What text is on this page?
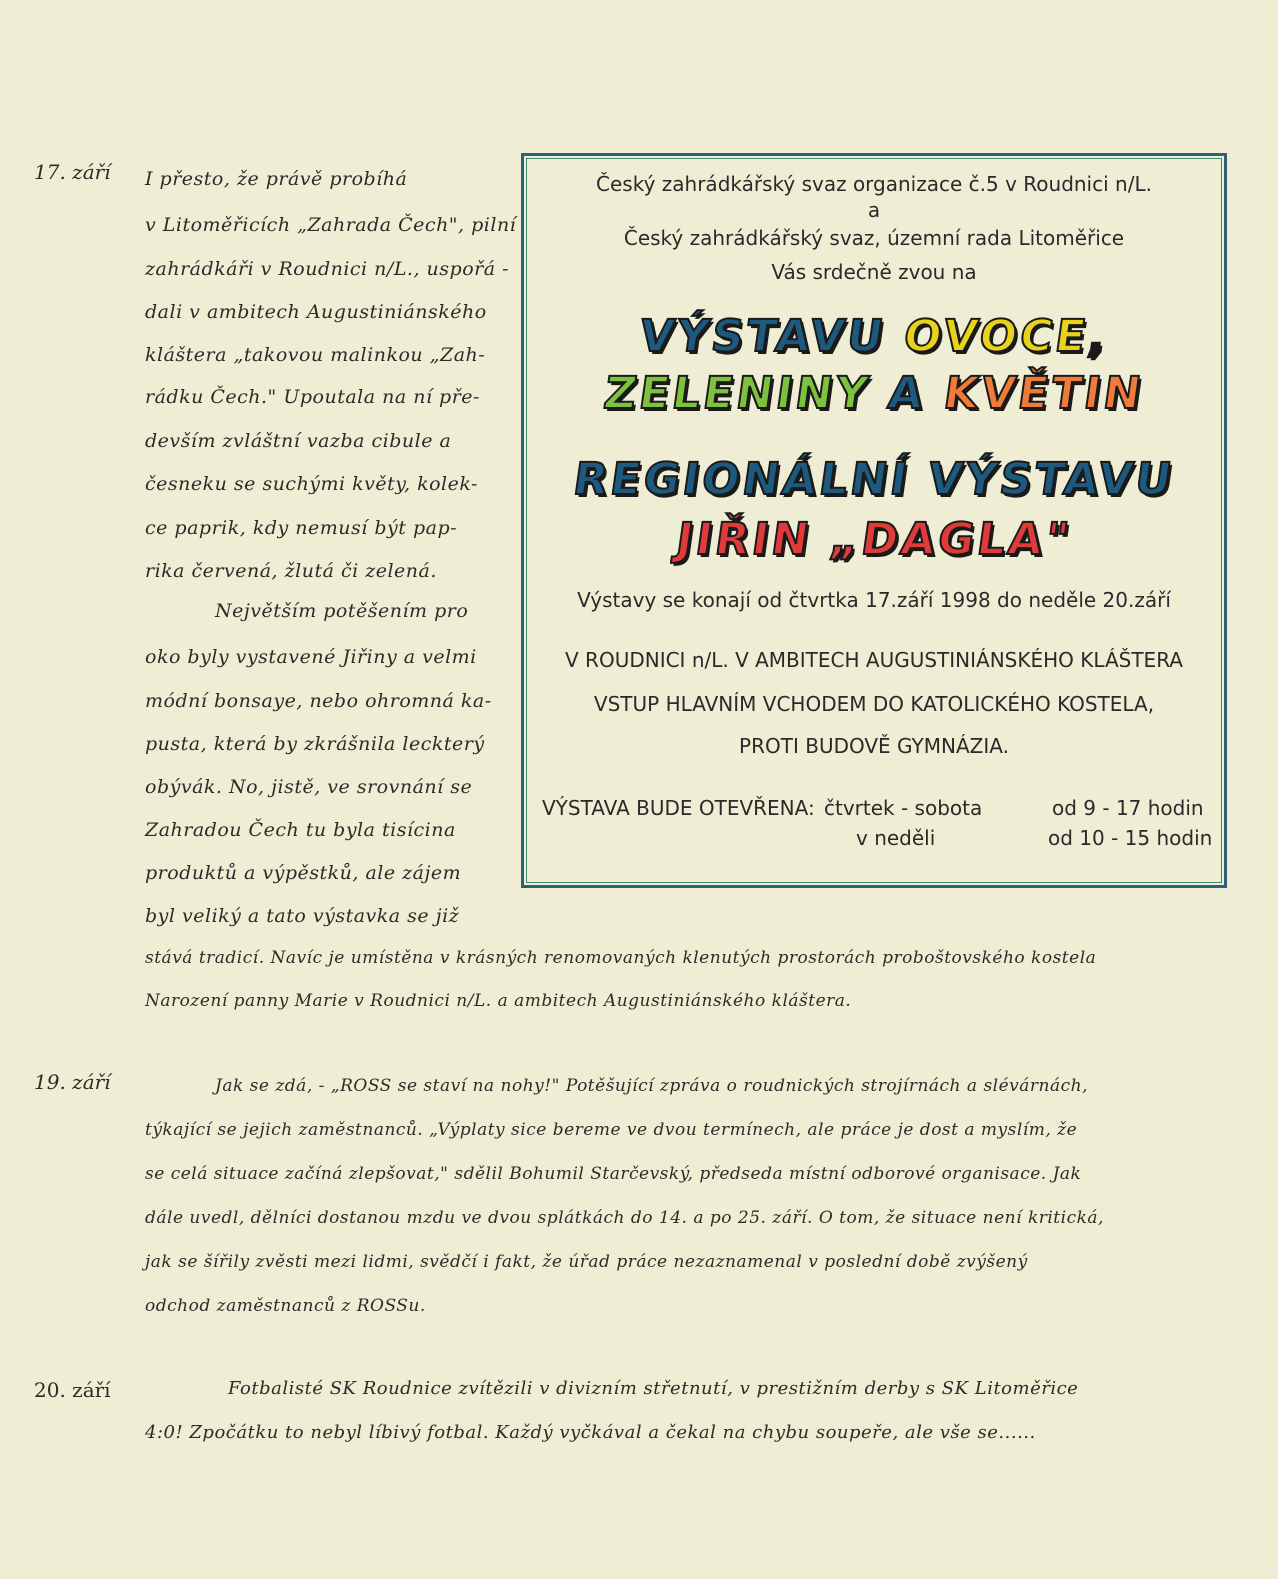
17. září I přesto, že právě probíhá
v Litoměřicích „Zahrada Čech", pilní
zahrádkáři v Roudnici n/L., uspořá -
dali v ambitech Augustiniánského
kláštera „takovou malinkou „Zah-
rádku Čech." Upoutala na ní pře-
devším zvláštní vazba cibule a
česneku se suchými květy, kolek-
ce paprik, kdy nemusí být pap-
rika červená, žlutá či zelená.
Největším potěšením pro
oko byly vystavené Jiřiny a velmi
módní bonsaye, nebo ohromná ka-
pusta, která by zkrášnila leckterý
obývák. No, jistě, ve srovnání se
Zahradou Čech tu byla tisícina
produktů a výpěstků, ale zájem
byl veliký a tato výstavka se již
stává tradicí. Navíc je umístěna v krásných renomovaných klenutých prostorách proboštovského kostela
Narození panny Marie v Roudnici n/L. a ambitech Augustiniánského kláštera.
Český zahrádkářský svaz organizace č.5 v Roudnici n/L.
a
Český zahrádkářský svaz, územní rada Litoměřice
Vás srdečně zvou na
VÝSTAVU OVOCE,
ZELENINY A KVĚTIN
REGIONÁLNÍ VÝSTAVU
JIŘIN „DAGLA"
Výstavy se konají od čtvrtka 17.září 1998 do neděle 20.září
V ROUDNICI n/L. V AMBITECH AUGUSTINIÁNSKÉHO KLÁŠTERA
VSTUP HLAVNÍM VCHODEM DO KATOLICKÉHO KOSTELA,
PROTI BUDOVĚ GYMNÁZIA.
VÝSTAVA BUDE OTEVŘENA: čtvrtek - sobota	od 9 - 17 hodin
v neděli	od 10 - 15 hodin
19. září	Jak se zdá, - „ROSS se staví na nohy!" Potěšující zpráva o roudnických strojírnách a slévárnách,
týkající se jejich zaměstnanců. „Výplaty sice bereme ve dvou termínech, ale práce je dost a myslím, že
se celá situace začíná zlepšovat," sdělil Bohumil Starčevský, předseda místní odborové organisace. Jak
dále uvedl, dělníci dostanou mzdu ve dvou splátkách do 14. a po 25. září. O tom, že situace není kritická,
jak se šířily zvěsti mezi lidmi, svědčí i fakt, že úřad práce nezaznamenal v poslední době zvýšený
odchod zaměstnanců z ROSSu.
20. září	Fotbalisté SK Roudnice zvítězili v divizním střetnutí, v prestižním derby s SK Litoměřice
4:0! Zpočátku to nebyl líbivý fotbal. Každý vyčkával a čekal na chybu soupeře, ale vše se......
